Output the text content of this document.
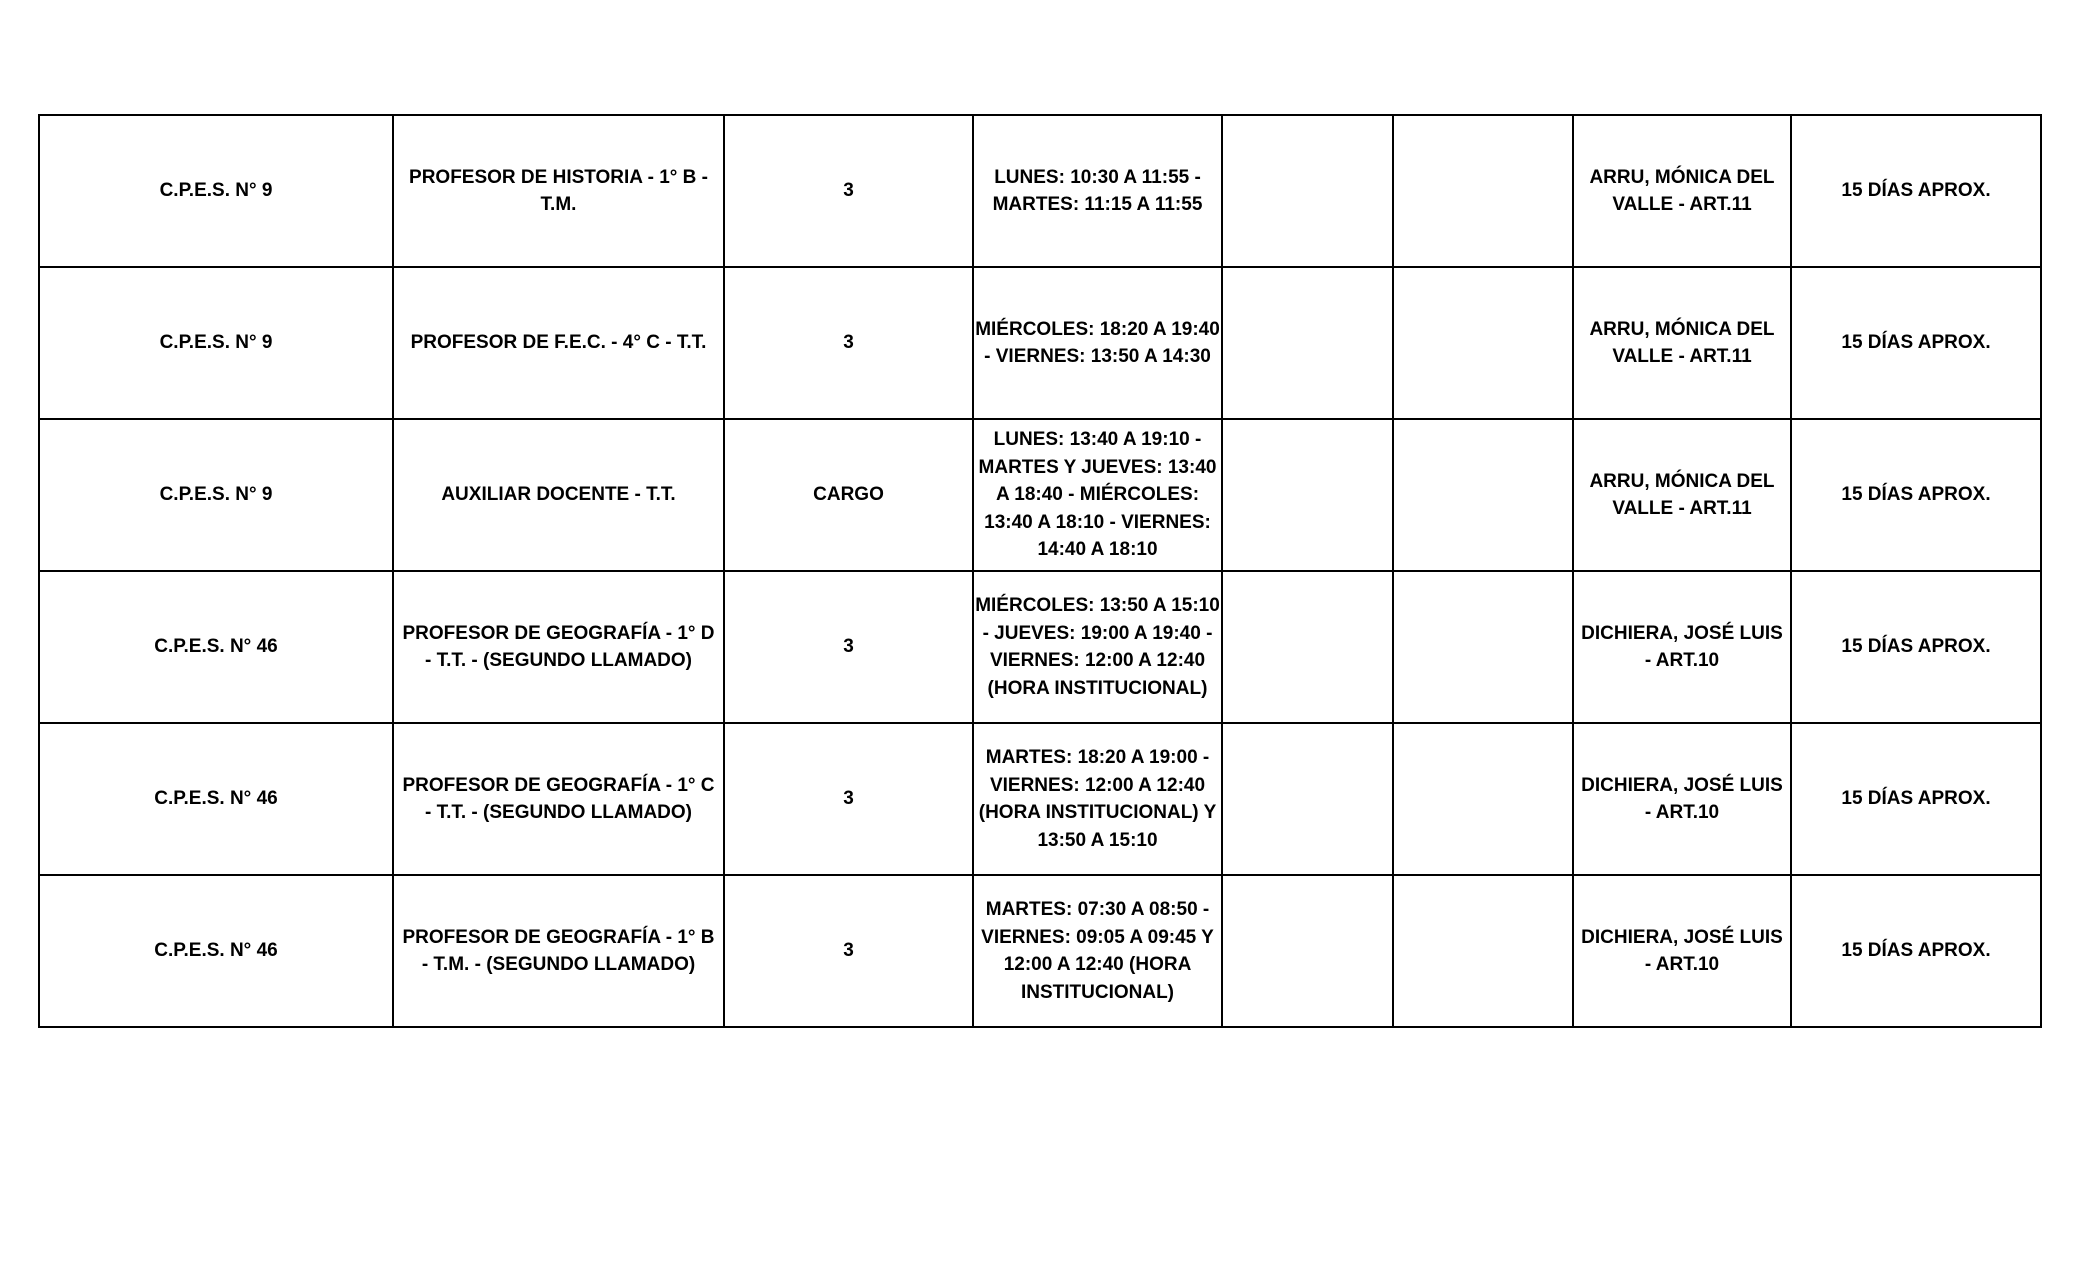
C.P.E.S. N° 9	PROFESOR DE HISTORIA - 1° B - T.M.	3	LUNES: 10:30 A 11:55 - MARTES: 11:15 A 11:55			ARRU, MÓNICA DEL VALLE - ART.11	15 DÍAS APROX.
C.P.E.S. N° 9	PROFESOR DE F.E.C. - 4° C - T.T.	3	MIÉRCOLES: 18:20 A 19:40 - VIERNES: 13:50 A 14:30			ARRU, MÓNICA DEL VALLE - ART.11	15 DÍAS APROX.
C.P.E.S. N° 9	AUXILIAR DOCENTE - T.T.	CARGO	LUNES: 13:40 A 19:10 - MARTES Y JUEVES: 13:40 A 18:40 - MIÉRCOLES: 13:40 A 18:10 - VIERNES: 14:40 A 18:10			ARRU, MÓNICA DEL VALLE - ART.11	15 DÍAS APROX.
C.P.E.S. N° 46	PROFESOR DE GEOGRAFÍA - 1° D - T.T. - (SEGUNDO LLAMADO)	3	MIÉRCOLES: 13:50 A 15:10 - JUEVES: 19:00 A 19:40 - VIERNES: 12:00 A 12:40 (HORA INSTITUCIONAL)			DICHIERA, JOSÉ LUIS - ART.10	15 DÍAS APROX.
C.P.E.S. N° 46	PROFESOR DE GEOGRAFÍA - 1° C - T.T. - (SEGUNDO LLAMADO)	3	MARTES: 18:20 A 19:00 - VIERNES: 12:00 A 12:40 (HORA INSTITUCIONAL) Y 13:50 A 15:10			DICHIERA, JOSÉ LUIS - ART.10	15 DÍAS APROX.
C.P.E.S. N° 46	PROFESOR DE GEOGRAFÍA - 1° B - T.M. - (SEGUNDO LLAMADO)	3	MARTES: 07:30 A 08:50 - VIERNES: 09:05 A 09:45 Y 12:00 A 12:40 (HORA INSTITUCIONAL)			DICHIERA, JOSÉ LUIS - ART.10	15 DÍAS APROX.
